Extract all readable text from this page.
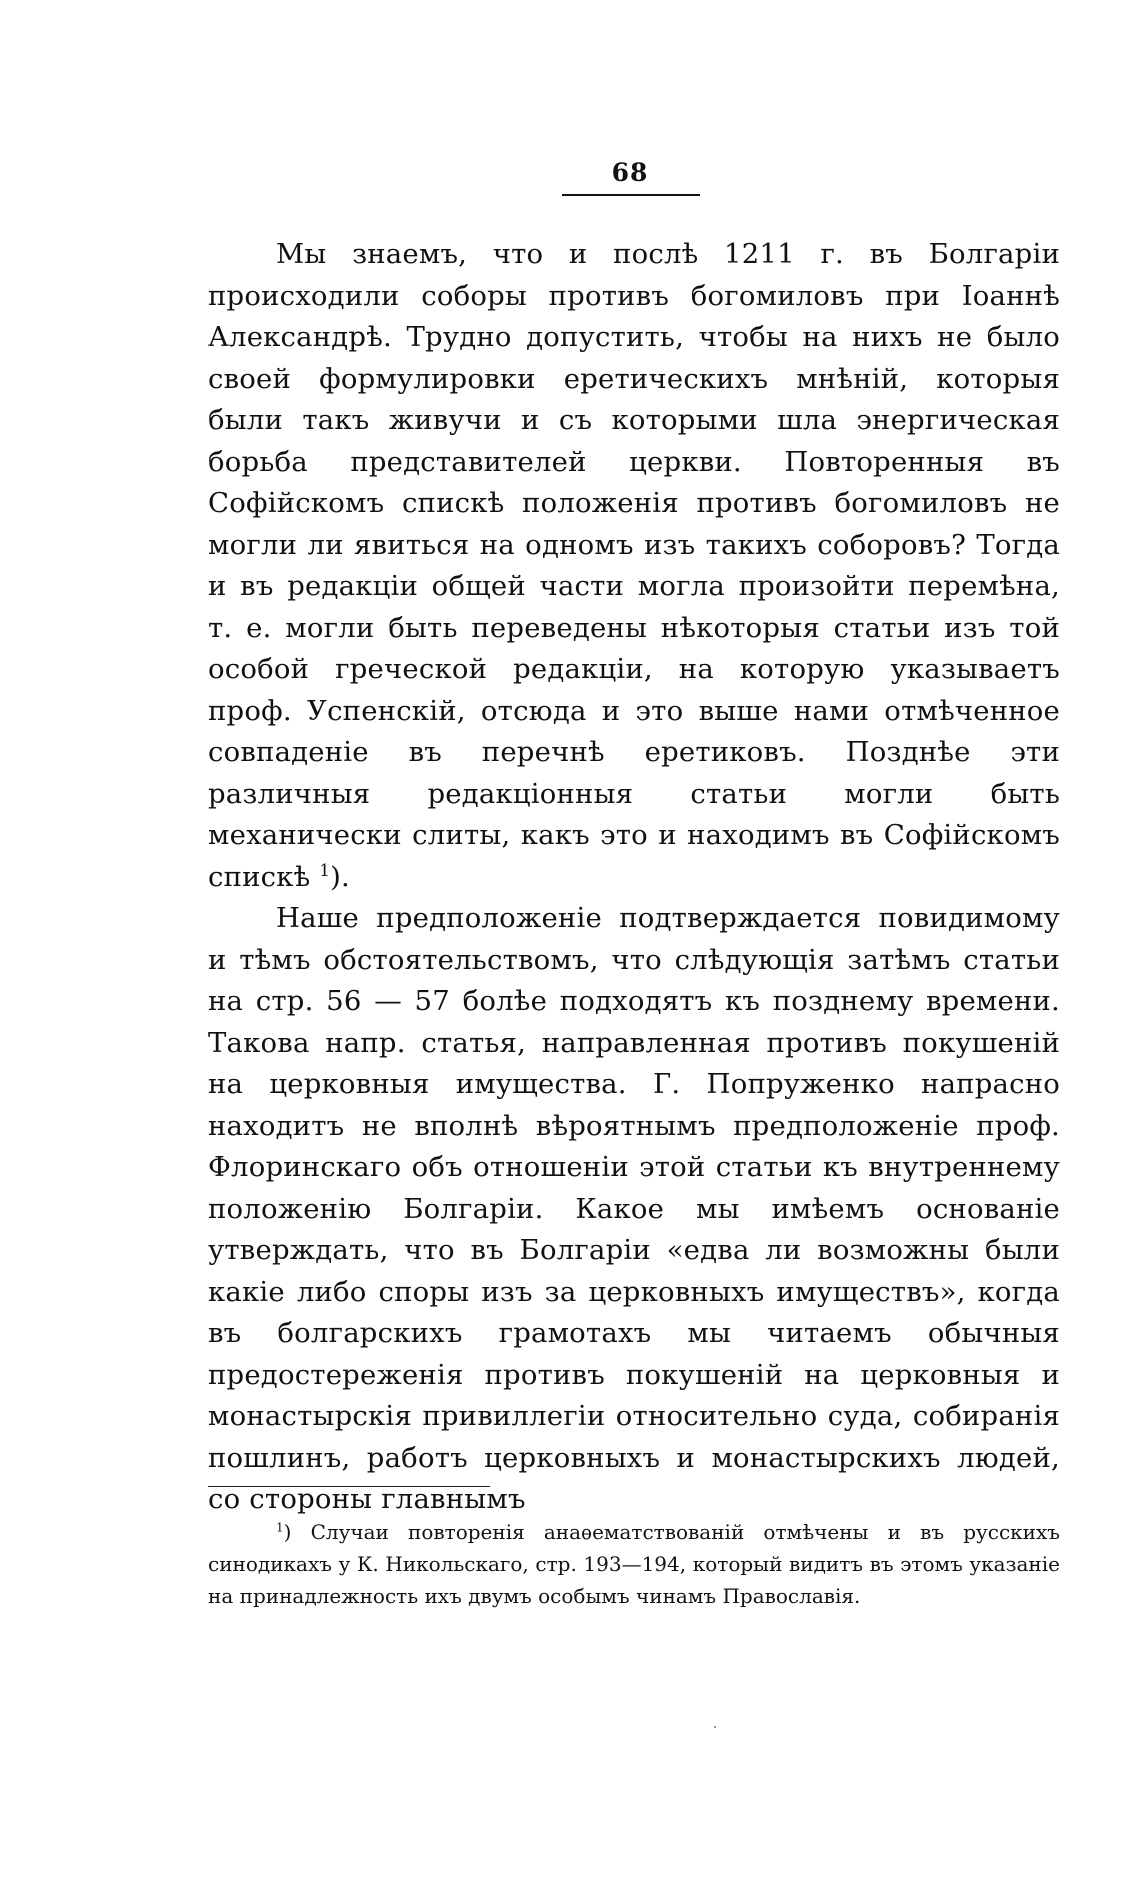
68

Мы знаемъ, что и послѣ 1211 г. въ Болгаріи происходили соборы противъ богомиловъ при Іоаннѣ Александрѣ. Трудно допустить, чтобы на нихъ не было своей формулировки еретическихъ мнѣній, которыя были такъ живучи и съ которыми шла энергическая борьба представителей церкви. Повторенныя въ Софійскомъ спискѣ положенія противъ богомиловъ не могли ли явиться на одномъ изъ такихъ соборовъ? Тогда и въ редакціи общей части могла произойти перемѣна, т. е. могли быть переведены нѣкоторыя статьи изъ той особой греческой редакціи, на которую указываетъ проф. Успенскій, отсюда и это выше нами отмѣченное совпаденіе въ перечнѣ еретиковъ. Позднѣе эти различныя редакціонныя статьи могли быть механически слиты, какъ это и находимъ въ Софійскомъ спискѣ $^1$).

Наше предположеніе подтверждается повидимому и тѣмъ обстоятельствомъ, что слѣдующія затѣмъ статьи на стр. 56 — 57 болѣе подходятъ къ позднему времени. Такова напр. статья, направленная противъ покушеній на церковныя имущества. Г. Попруженко напрасно находитъ не вполнѣ вѣроятнымъ предположеніе проф. Флоринскаго объ отношеніи этой статьи къ внутреннему положенію Болгаріи. Какое мы имѣемъ основаніе утверждать, что въ Болгаріи «едва ли возможны были какіе либо споры изъ за церковныхъ имуществъ», когда въ болгарскихъ грамотахъ мы читаемъ обычныя предостереженія противъ покушеній на церковныя и монастырскія привиллегіи относительно суда, собиранія пошлинъ, работъ церковныхъ и монастырскихъ людей, со стороны главнымъ

$^1$) Случаи повторенія анаѳематствованій отмѣчены и въ русскихъ синодикахъ у К. Никольскаго, стр. 193—194, который видитъ въ этомъ указаніе на принадлежность ихъ двумъ особымъ чинамъ Православія.
